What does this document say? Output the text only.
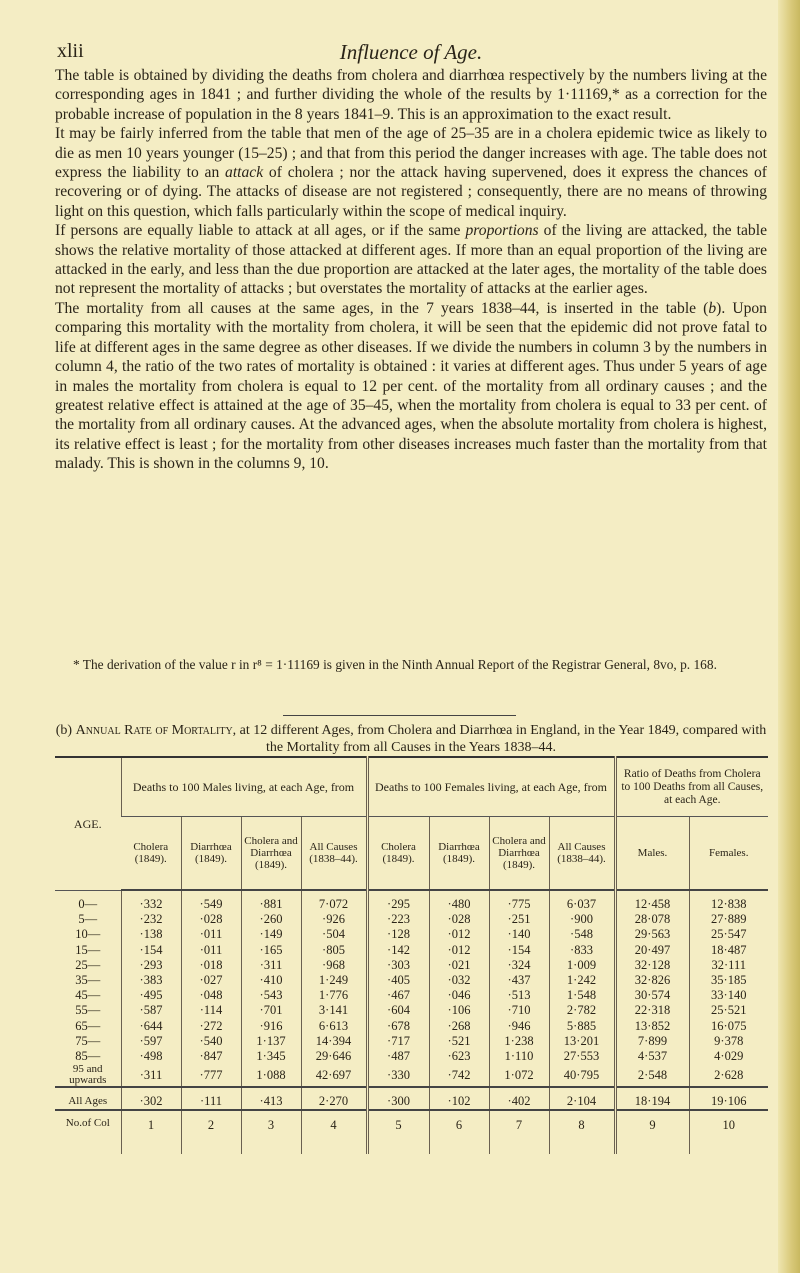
xlii	Influence of Age.

The table is obtained by dividing the deaths from cholera and diarrhœa respectively by the numbers living at the corresponding ages in 1841 ; and further dividing the whole of the results by 1·11169,* as a correction for the probable increase of population in the 8 years 1841–9. This is an approximation to the exact result.

It may be fairly inferred from the table that men of the age of 25–35 are in a cholera epidemic twice as likely to die as men 10 years younger (15–25) ; and that from this period the danger increases with age. The table does not express the liability to an attack of cholera ; nor the attack having supervened, does it express the chances of recovering or of dying. The attacks of disease are not registered ; consequently, there are no means of throwing light on this question, which falls particularly within the scope of medical inquiry.

If persons are equally liable to attack at all ages, or if the same proportions of the living are attacked, the table shows the relative mortality of those attacked at different ages. If more than an equal proportion of the living are attacked in the early, and less than the due proportion are attacked at the later ages, the mortality of the table does not represent the mortality of attacks ; but overstates the mortality of attacks at the earlier ages.

The mortality from all causes at the same ages, in the 7 years 1838–44, is inserted in the table (b). Upon comparing this mortality with the mortality from cholera, it will be seen that the epidemic did not prove fatal to life at different ages in the same degree as other diseases. If we divide the numbers in column 3 by the numbers in column 4, the ratio of the two rates of mortality is obtained : it varies at different ages. Thus under 5 years of age in males the mortality from cholera is equal to 12 per cent. of the mortality from all ordinary causes ; and the greatest relative effect is attained at the age of 35–45, when the mortality from cholera is equal to 33 per cent. of the mortality from all ordinary causes. At the advanced ages, when the absolute mortality from cholera is highest, its relative effect is least ; for the mortality from other diseases increases much faster than the mortality from that malady. This is shown in the columns 9, 10.

* The derivation of the value r in r⁸ = 1·11169 is given in the Ninth Annual Report of the Registrar General, 8vo, p. 168.

(b) Annual Rate of Mortality, at 12 different Ages, from Cholera and Diarrhœa in England, in the Year 1849, compared with the Mortality from all Causes in the Years 1838–44.
AGE.	Deaths to 100 Males living, at each Age, from				Deaths to 100 Females living, at each Age, from				Ratio of Deaths from Cholera to 100 Deaths from all Causes, at each Age.	
	Cholera (1849).	Diarrhœa (1849).	Cholera and Diarrhœa (1849).	All Causes (1838–44).	Cholera (1849).	Diarrhœa (1849).	Cholera and Diarrhœa (1849).	All Causes (1838–44).	Males.	Females.
0—	·332	·549	·881	7·072	·295	·480	·775	6·037	12·458	12·838
5—	·232	·028	·260	·926	·223	·028	·251	·900	28·078	27·889
10—	·138	·011	·149	·504	·128	·012	·140	·548	29·563	25·547
15—	·154	·011	·165	·805	·142	·012	·154	·833	20·497	18·487
25—	·293	·018	·311	·968	·303	·021	·324	1·009	32·128	32·111
35—	·383	·027	·410	1·249	·405	·032	·437	1·242	32·826	35·185
45—	·495	·048	·543	1·776	·467	·046	·513	1·548	30·574	33·140
55—	·587	·114	·701	3·141	·604	·106	·710	2·782	22·318	25·521
65—	·644	·272	·916	6·613	·678	·268	·946	5·885	13·852	16·075
75—	·597	·540	1·137	14·394	·717	·521	1·238	13·201	7·899	9·378
85—	·498	·847	1·345	29·646	·487	·623	1·110	27·553	4·537	4·029
95 and upwards	·311	·777	1·088	42·697	·330	·742	1·072	40·795	2·548	2·628
All Ages	·302	·111	·413	2·270	·300	·102	·402	2·104	18·194	19·106
No.of Col	1	2	3	4	5	6	7	8	9	10
